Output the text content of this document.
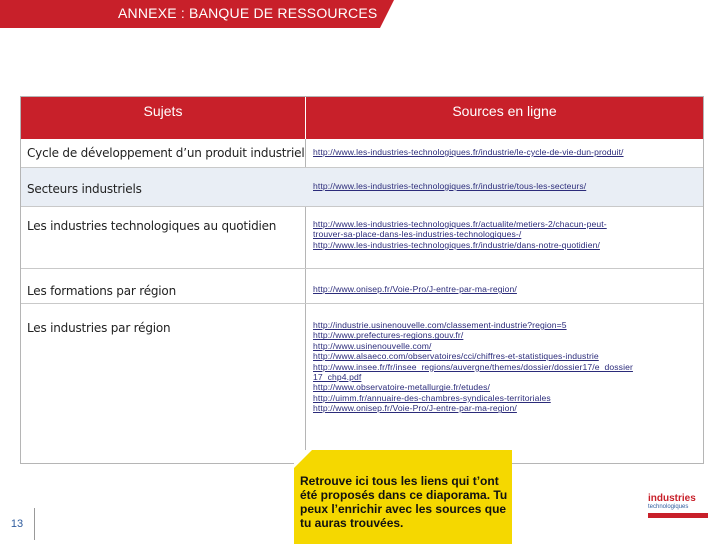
ANNEXE : BANQUE DE RESSOURCES
Sujets	Sources en ligne
Cycle de développement d’un produit industriel http://www.les-industries-technologiques.fr/industrie/le-cycle-de-vie-dun-produit/
Secteurs industriels	http://www.les-industries-technologiques.fr/industrie/tous-les-secteurs/
Les industries technologiques au quotidien	http://www.les-industries-technologiques.fr/actualite/metiers-2/chacun-peut-
trouver-sa-place-dans-les-industries-technologiques-/
http://www.les-industries-technologiques.fr/industrie/dans-notre-quotidien/
Les formations par région	http://www.onisep.fr/Voie-Pro/J-entre-par-ma-region/
Les industries par région	http://industrie.usinenouvelle.com/classement-industrie?region=5
http://www.prefectures-regions.gouv.fr/
http://www.usinenouvelle.com/
http://www.alsaeco.com/observatoires/cci/chiffres-et-statistiques-industrie
http://www.insee.fr/fr/insee_regions/auvergne/themes/dossier/dossier17/e_dossier
17_chp4.pdf
http://www.observatoire-metallurgie.fr/etudes/
http://uimm.fr/annuaire-des-chambres-syndicales-territoriales
http://www.onisep.fr/Voie-Pro/J-entre-par-ma-region/
Retrouve ici tous les liens qui t’ont été proposés dans ce diaporama. Tu peux l’enrichir avec les sources que tu auras trouvées.
13
industries
technologiques
